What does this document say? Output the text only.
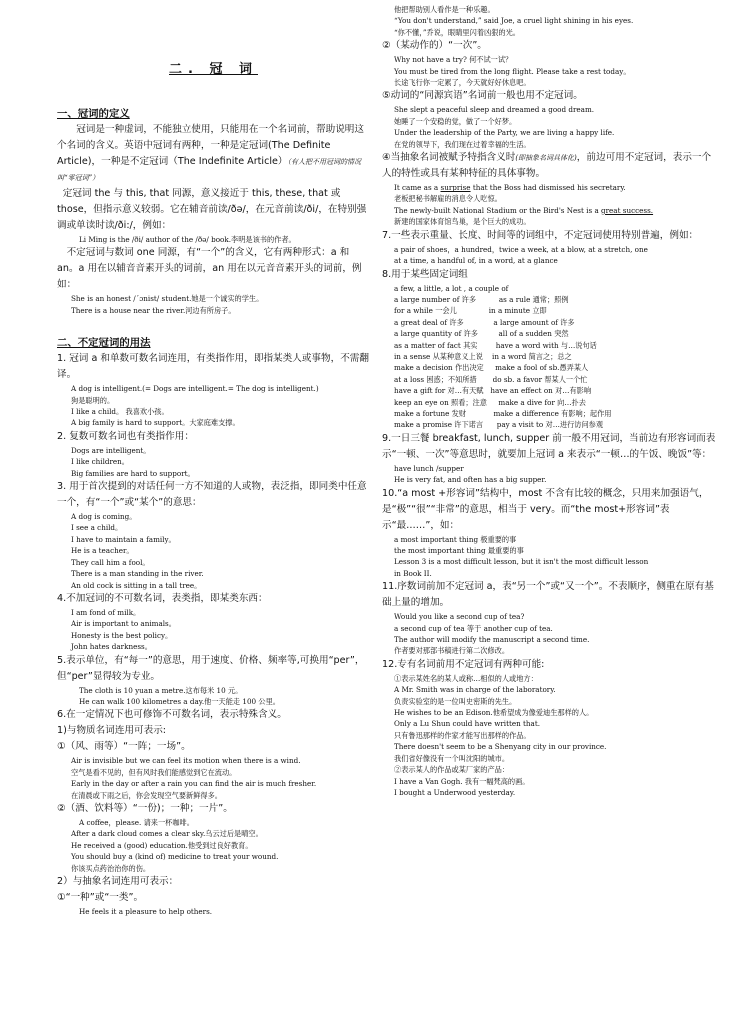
二. 冠 词
一、冠词的定义

冠词是一种虚词，不能独立使用，只能用在一个名词前，帮助说明这个名词的含义。英语中冠词有两种，一种是定冠词(The Definite Article)，一种是不定冠词（The Indefinite Article）（有人把不用冠词的情况叫“零冠词”）

定冠词 the 与 this, that 同源，意义接近于 this, these, that 或 those，但指示意义较弱。它在辅音前读/ðə/，在元音前读/ði/，在特别强调或单读时读/ði:/，例如：

Li Ming is the /ði/ author of the /ðə/ book.李明是该书的作者。

不定冠词与数词 one 同源，有“一个”的含义，它有两种形式：a 和 an。a 用在以辅音音素开头的词前，an 用在以元音音素开头的词前，例如：

She is an honest /ˊɔnist/ student.她是一个诚实的学生。
There is a house near the river.河边有所房子。
二、不定冠词的用法

1. 冠词 a 和单数可数名词连用，有类指作用，即指某类人或事物，不需翻译。

A dog is intelligent.(= Dogs are intelligent.= The dog is intelligent.)
狗是聪明的。
I like a child。 我喜欢小孩。
A big family is hard to support。大家庭难支撑。

2. 复数可数名词也有类指作用：

Dogs are intelligent。
I like children。
Big families are hard to support。

3. 用于首次提到的对话任何一方不知道的人或物，表泛指，即同类中任意一个，有“一个”或“某个”的意思：

A dog is coming。
I see a child。
I have to maintain a family。
He is a teacher。
They call him a fool。
There is a man standing in the river.
An old cock is sitting in a tall tree。

4.不加冠词的不可数名词，表类指，即某类东西：

I am fond of milk。
Air is important to animals。
Honesty is the best policy。
John hates darkness。

5.表示单位，有“每一”的意思，用于速度、价格、频率等,可换用“per”，但“per”显得较为专业。

The cloth is 10 yuan a metre.这布每米 10 元。
He can walk 100 kilometres a day.他一天能走 100 公里。

6.在一定情况下也可修饰不可数名词，表示特殊含义。

1)与物质名词连用可表示:

①（风、雨等）“一阵；一场”。

Air is invisible but we can feel its motion when there is a wind.
空气是看不见的，但有风时我们能感觉到它在流动。
Early in the day or after a rain you can find the air is much fresher.
在清晨或下雨之后，你会发现空气要新鲜得多。

②（酒、饮料等）“一份)；一种；一片”。

A coffee，please. 请来一杯咖啡。
After a dark cloud comes a clear sky.乌云过后是晴空。
He received a (good) education.他受到过良好教育。
You should buy a (kind of) medicine to treat your wound.
你该买点药治治你的伤。

2）与抽象名词连用可表示：

①“一种”或“一类”。

He feels it a pleasure to help others.
他把帮助别人看作是一种乐趣。
“You don't understand,” said Joe, a cruel light shining in his eyes.
“你不懂，”乔说，眼睛里闪着凶狠的光。

②（某动作的）“一次”。

Why not have a try? 何不试一试？
You must be tired from the long flight. Please take a rest today。
长途飞行你一定累了，今天就好好休息吧。

⑤动词的“同源宾语”名词前一般也用不定冠词。

She slept a peaceful sleep and dreamed a good dream.
她睡了一个安稳的觉，做了一个好梦。
Under the leadership of the Party, we are living a happy life.
在党的领导下，我们现在过着幸福的生活。

④当抽象名词被赋予特指含义时(即抽象名词具体化)，前边可用不定冠词，表示一个人的特性或具有某种特征的具体事物。

It came as a surprise that the Boss had dismissed his secretary.
老板把秘书解雇的消息令人吃惊。
The newly-built National Stadium or the Bird's Nest is a great success.
新建的国家体育馆鸟巢，是个巨大的成功。

7.一些表示重量、长度、时间等的词组中，不定冠词使用特别普遍，例如：

a pair of shoes，a hundred，twice a week, at a blow, at a stretch, one
at a time, a handful of, in a word, at a glance

8.用于某些固定词组

a few, a little, a lot , a couple of
a large number of 许多          as a rule 通常；照例
for a while 一会儿              in a minute 立即
a great deal of 许多             a large amount of 许多
a large quantity of 许多         all of a sudden 突然
as a matter of fact 其实        have a word with 与…说句话
in a sense 从某种意义上说    in a word 简言之；总之
make a decision 作出决定     make a fool of sb.愚弄某人
at a loss 困惑；不知所措       do sb. a favor 帮某人一个忙
have a gift for 对…有天赋   have an effect on 对…有影响
keep an eye on 照看；注意     make a dive for 向…扑去
make a fortune 发财            make a difference 有影响；起作用
make a promise 许下诺言      pay a visit to 对…进行访问参观

9.一日三餐 breakfast, lunch, supper 前一般不用冠词，当前边有形容词而表示“一顿、一次”等意思时，就要加上冠词 a 来表示“一顿…的午饭、晚饭”等：

have lunch /supper
He is very fat, and often has a big supper.

10.“a most +形容词”结构中，most 不含有比较的概念，只用来加强语气，是“极”“很”“非常”的意思，相当于 very。而“the most+形容词”表示“最……”，如：

a most important thing 极重要的事
the most important thing 最重要的事
Lesson 3 is a most difficult lesson, but it isn't the most difficult lesson
in Book II.

11.序数词前加不定冠词 a，表“另一个”或“又一个”。不表顺序，侧重在原有基础上量的增加。

Would you like a second cup of tea?
a second cup of tea 等于 another cup of tea.
The author will modify the manuscript a second time.
作者要对那部书稿进行第二次修改。

12.专有名词前用不定冠词有两种可能:

①表示某姓名的某人或称…相似的人或地方：
A Mr. Smith was in charge of the laboratory.
负责实验室的是一位叫史密斯的先生。
He wishes to be an Edison.他希望成为像爱迪生那样的人。
Only a Lu Shun could have written that.
只有鲁迅那样的作家才能写出那样的作品。
There doesn't seem to be a Shenyang city in our province.
我们省好像没有一个叫沈阳的城市。
②表示某人的作品或某厂家的产品：
I have a Van Gogh. 我有一幅梵高的画。
I bought a Underwood yesterday.
